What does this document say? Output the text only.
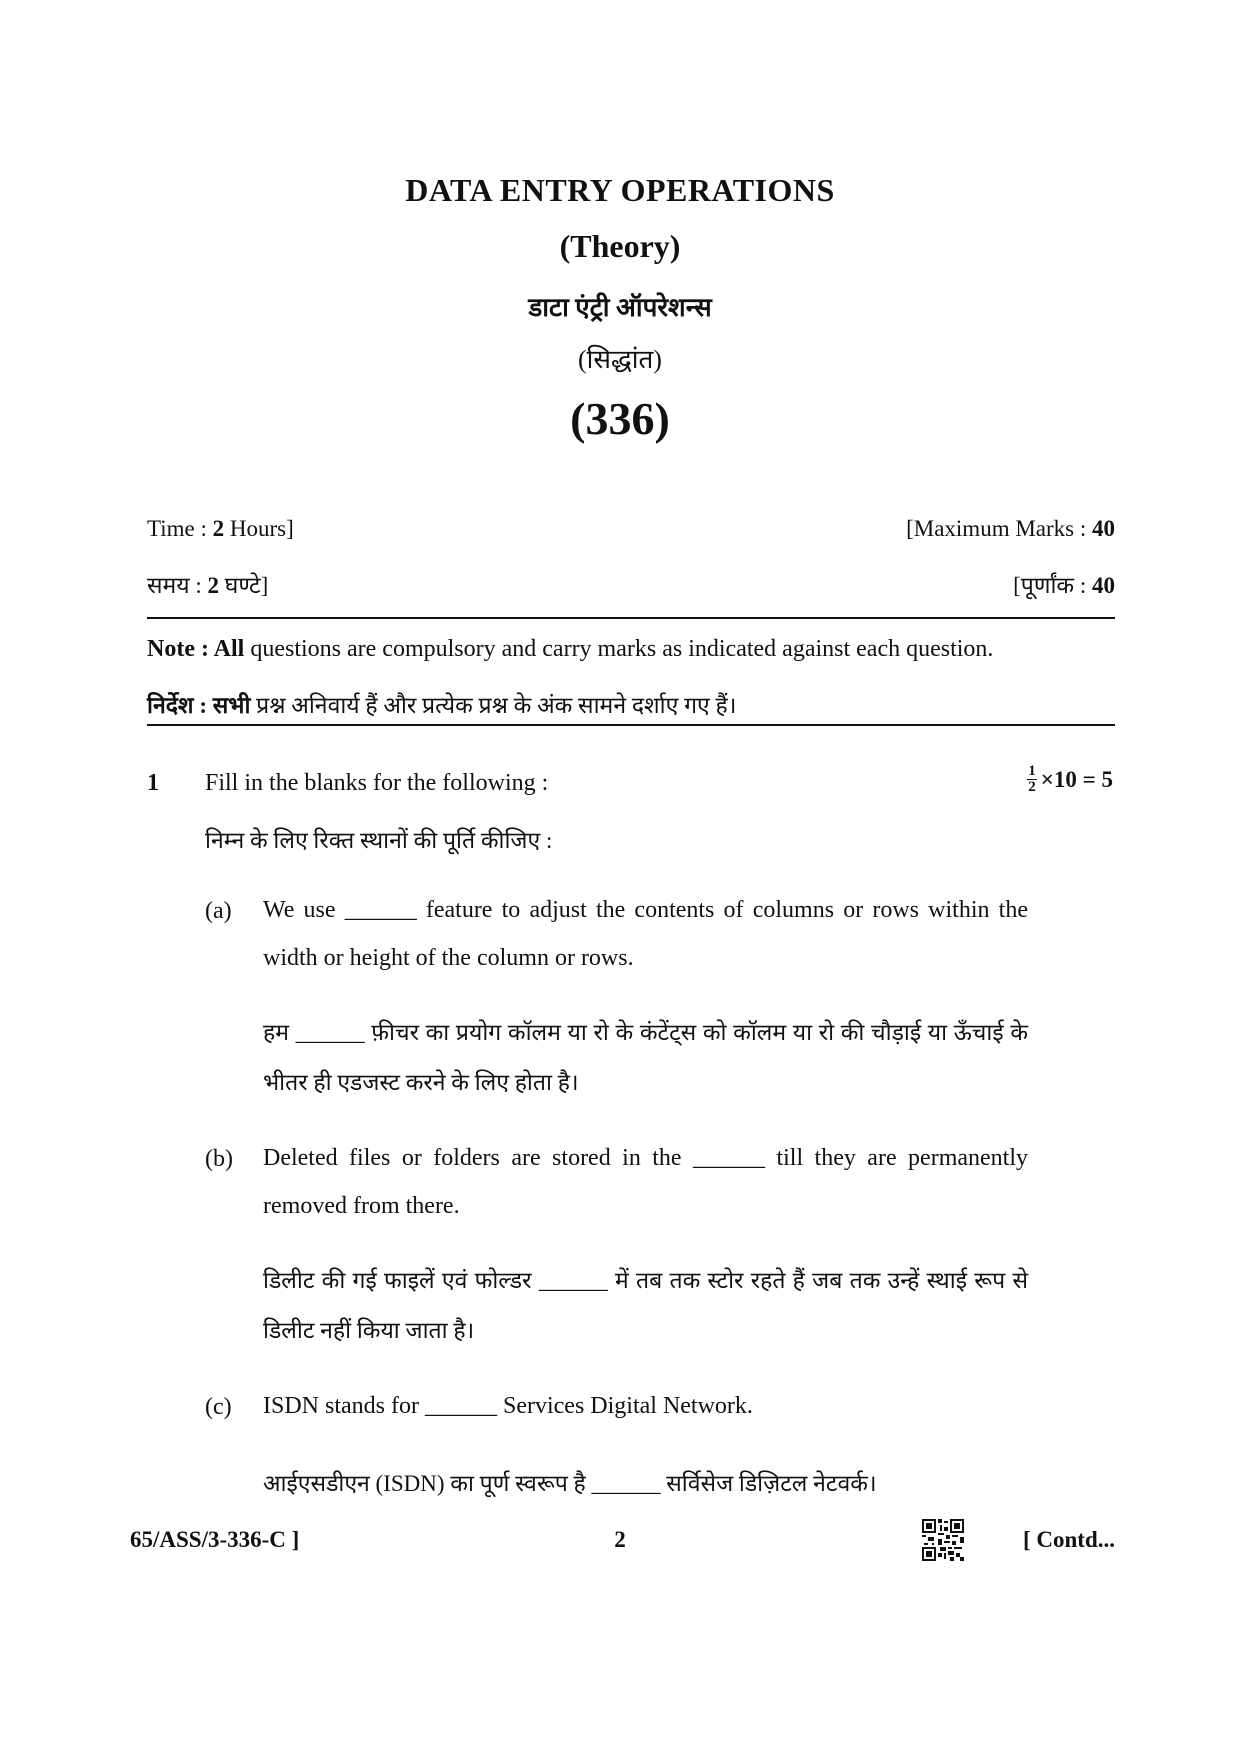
DATA ENTRY OPERATIONS
(Theory)
डाटा एंट्री ऑपरेशन्स
(सिद्धांत)
(336)
Time : 2 Hours]	[Maximum Marks : 40
समय : 2 घण्टे]	[पूर्णांक : 40
Note : All questions are compulsory and carry marks as indicated against each question.
निर्देश : सभी प्रश्न अनिवार्य हैं और प्रत्येक प्रश्न के अंक सामने दर्शाए गए हैं।
1 Fill in the blanks for the following :	$\frac{1}{2} \times 10 = 5$
निम्न के लिए रिक्त स्थानों की पूर्ति कीजिए :
(a) We use ______ feature to adjust the contents of columns or rows within the width or height of the column or rows.
हम ______ फ़ीचर का प्रयोग कॉलम या रो के कंटेंट्स को कॉलम या रो की चौड़ाई या ऊँचाई के भीतर ही एडजस्ट करने के लिए होता है।
(b) Deleted files or folders are stored in the ______ till they are permanently removed from there.
डिलीट की गई फाइलें एवं फोल्डर ______ में तब तक स्टोर रहते हैं जब तक उन्हें स्थाई रूप से डिलीट नहीं किया जाता है।
(c) ISDN stands for ______ Services Digital Network.
आईएसडीएन (ISDN) का पूर्ण स्वरूप है ______ सर्विसेज डिज़िटल नेटवर्क।
65/ASS/3-336-C ]	2	[ Contd...
